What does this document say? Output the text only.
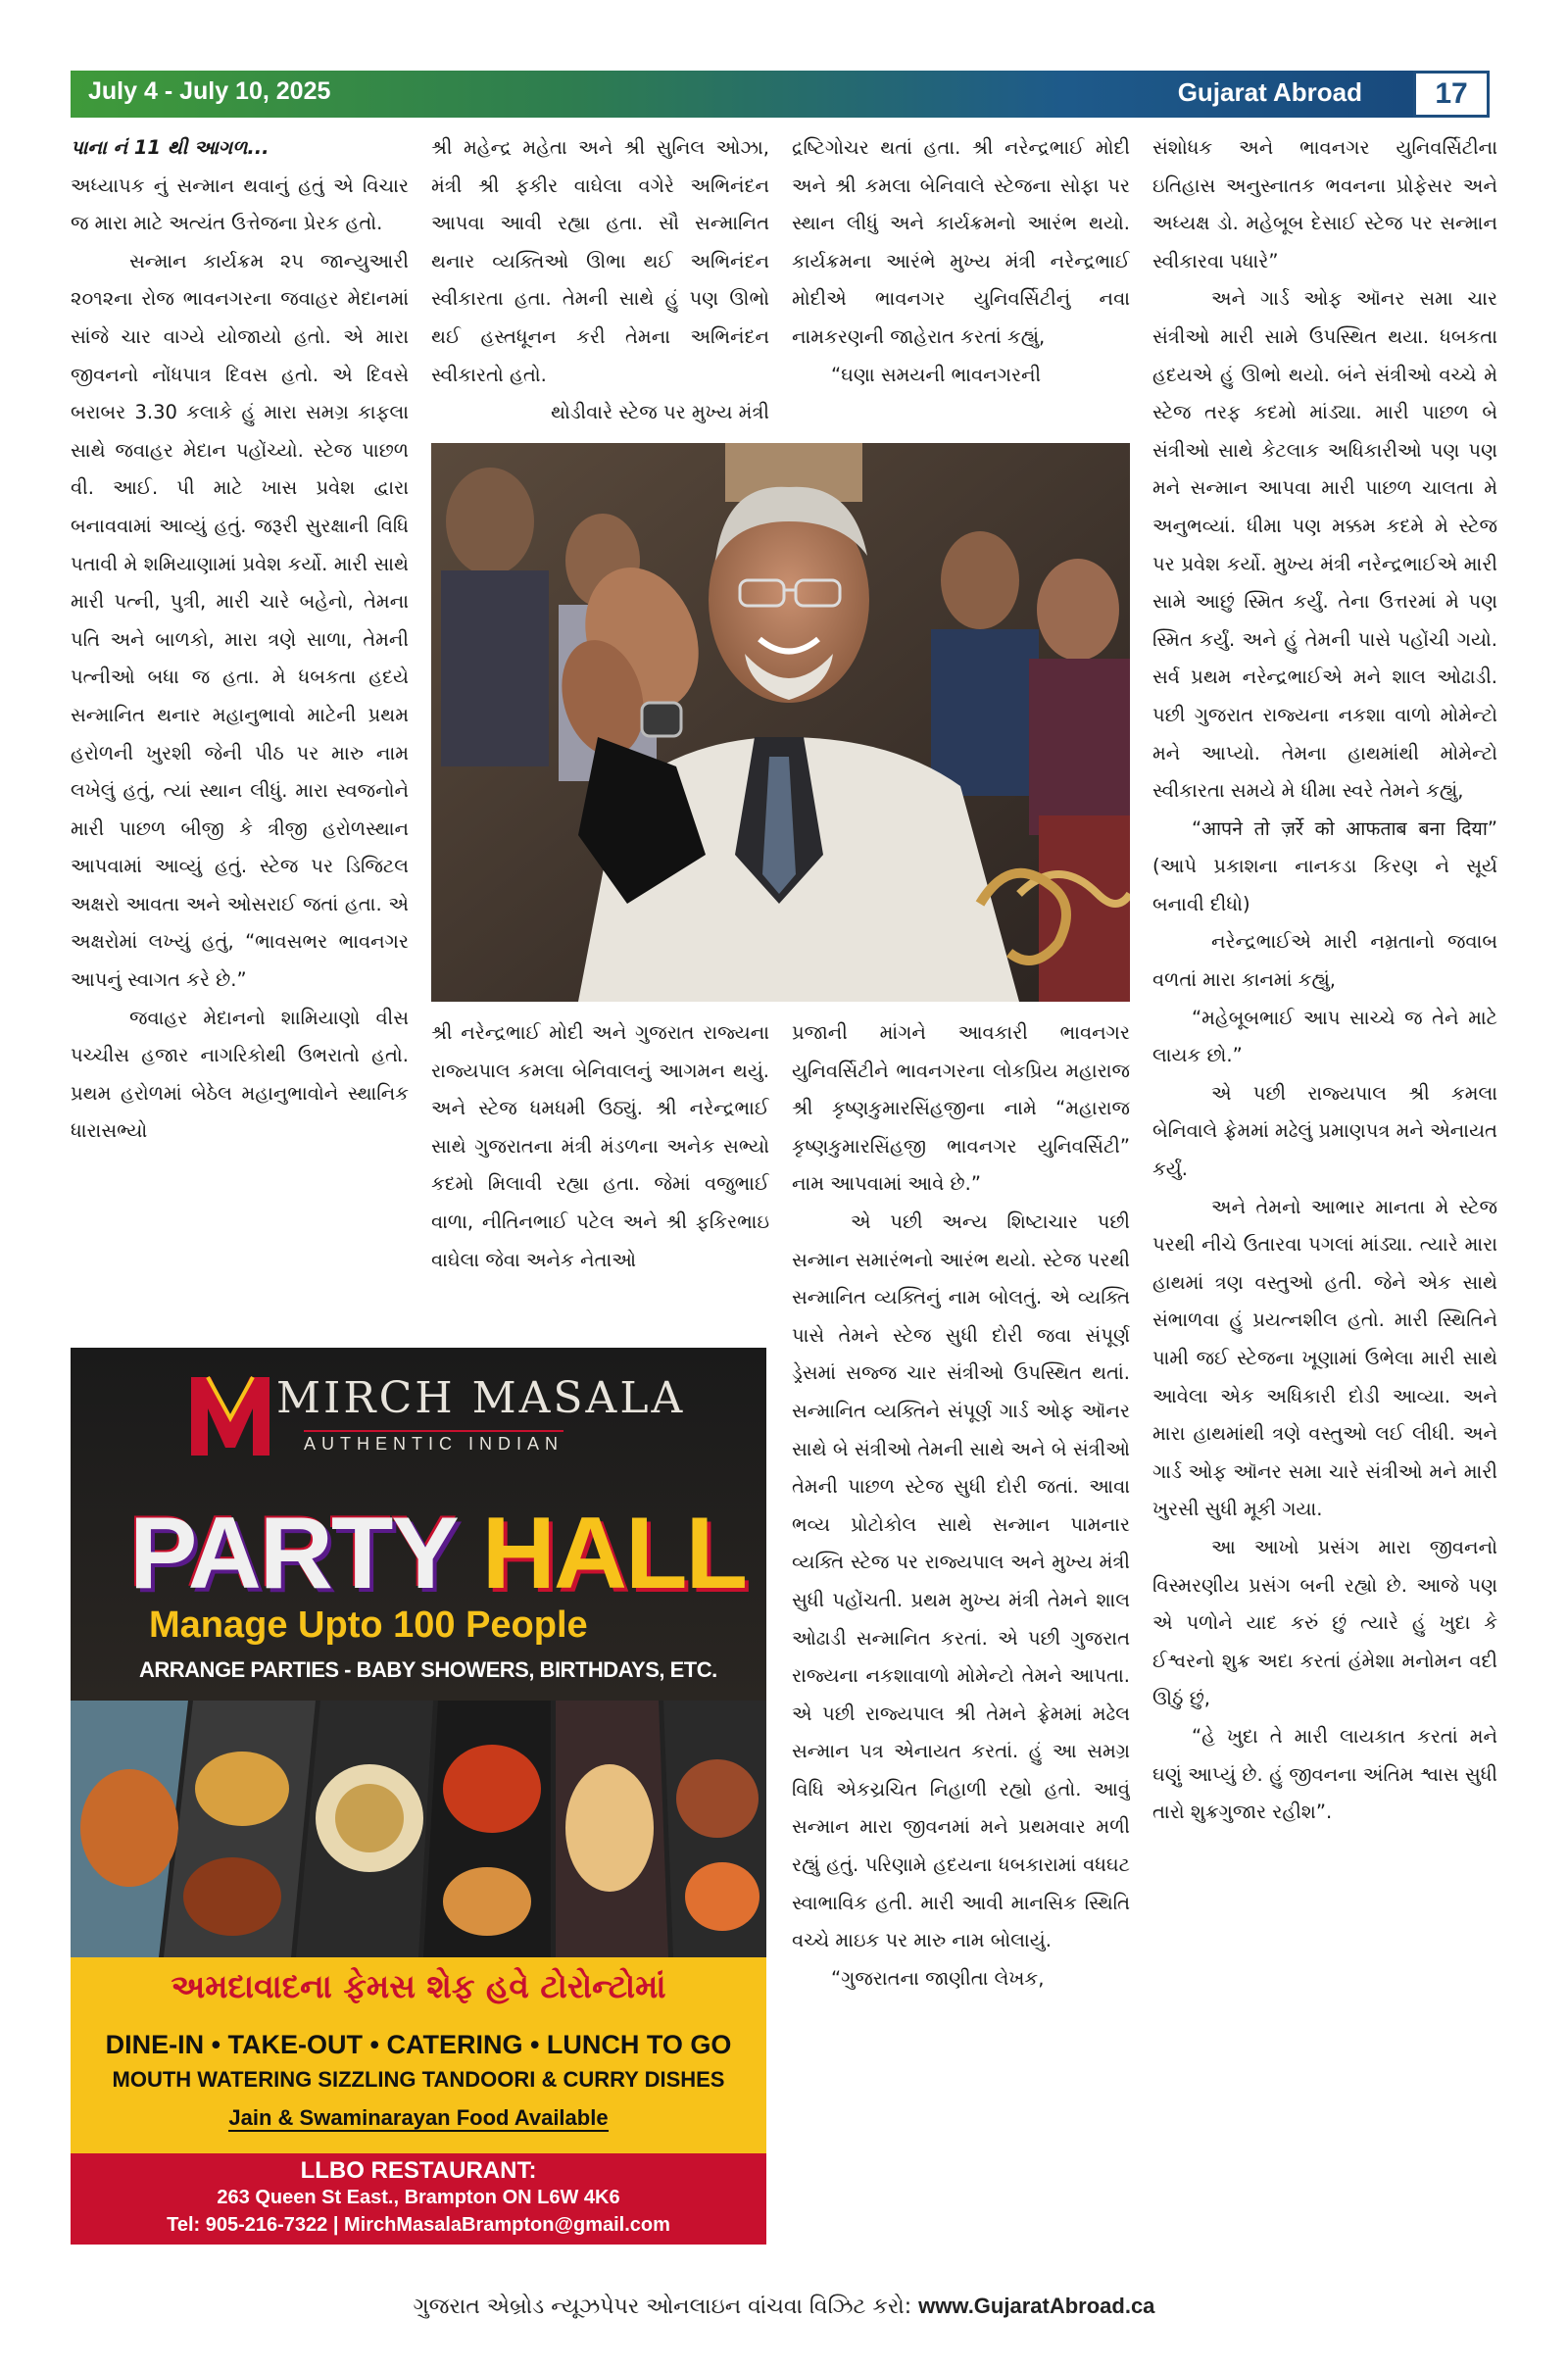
July 4 - July 10, 2025	Gujarat Abroad	17

પાના નં 11 થી આગળ...

અધ્યાપક નું સન્માન થવાનું હતું એ વિચાર જ મારા માટે અત્યંત ઉત્તેજના પ્રેરક હતો.

સન્માન કાર્યક્રમ ૨૫ જાન્યુઆરી ૨૦૧૨ના રોજ ભાવનગરના જવાહર મેદાનમાં સાંજે ચાર વાગ્યે યોજાયો હતો. એ મારા જીવનનો નોંધપાત્ર દિવસ હતો. એ દિવસે બરાબર 3.30 કલાકે હું મારા સમગ્ર કાફલા સાથે જવાહર મેદાન પહોંચ્યો. સ્ટેજ પાછળ વી. આઈ. પી માટે ખાસ પ્રવેશ દ્વારા બનાવવામાં આવ્યું હતું. જરૂરી સુરક્ષાની વિધિ પતાવી મે શમિયાણામાં પ્રવેશ કર્યો. મારી સાથે મારી પત્ની, પુત્રી, મારી ચારે બહેનો, તેમના પતિ અને બાળકો, મારા ત્રણે સાળા, તેમની પત્નીઓ બધા જ હતા. મે ધબકતા હદયે સન્માનિત થનાર મહાનુભાવો માટેની પ્રથમ હરોળની ખુરશી જેની પીઠ પર મારુ નામ લખેલું હતું, ત્યાં સ્થાન લીધું. મારા સ્વજનોને મારી પાછળ બીજી કે ત્રીજી હરોળસ્થાન આપવામાં આવ્યું હતું. સ્ટેજ પર ડિજિટલ અક્ષરો આવતા અને ઓસરાઈ જતાં હતા. એ અક્ષરોમાં લખ્યું હતું, “ભાવસભર ભાવનગર આપનું સ્વાગત કરે છે.”

જવાહર મેદાનનો શામિયાણો વીસ પચ્ચીસ હજાર નાગરિકોથી ઉભરાતો હતો. પ્રથમ હરોળમાં બેઠેલ મહાનુભાવોને સ્થાનિક ધારાસભ્યો

શ્રી મહેન્દ્ર મહેતા અને શ્રી સુનિલ ઓઝા, મંત્રી શ્રી ફકીર વાઘેલા વગેરે અભિનંદન આપવા આવી રહ્યા હતા. સૌ સન્માનિત થનાર વ્યક્તિઓ ઊભા થઈ અભિનંદન સ્વીકારતા હતા. તેમની સાથે હું પણ ઊભો થઈ હસ્તધૂનન કરી તેમના અભિનંદન સ્વીકારતો હતો.

થોડીવારે સ્ટેજ પર મુખ્ય મંત્રી

શ્રી નરેન્દ્રભાઈ મોદી અને ગુજરાત રાજ્યના રાજ્યપાલ કમલા બેનિવાલનું આગમન થયું. અને સ્ટેજ ધમધમી ઉઠ્યું. શ્રી નરેન્દ્રભાઈ સાથે ગુજરાતના મંત્રી મંડળના અનેક સભ્યો કદમો મિલાવી રહ્યા હતા. જેમાં વજુભાઈ વાળા, નીતિનભાઈ પટેલ અને શ્રી ફકિરભાઇ વાઘેલા જેવા અનેક નેતાઓ

દ્રષ્ટિગોચર થતાં હતા. શ્રી નરેન્દ્રભાઈ મોદી અને શ્રી કમલા બેનિવાલે સ્ટેજના સોફા પર સ્થાન લીધું અને કાર્યક્રમનો આરંભ થયો. કાર્યક્રમના આરંભે મુખ્ય મંત્રી નરેન્દ્રભાઈ મોદીએ ભાવનગર યુનિવર્સિટીનું નવા નામકરણની જાહેરાત કરતાં કહ્યું,

“ઘણા સમયની ભાવનગરની

પ્રજાની માંગને આવકારી ભાવનગર યુનિવર્સિટીને ભાવનગરના લોકપ્રિય મહારાજ શ્રી કૃષ્ણકુમારસિંહજીના નામે “મહારાજ કૃષ્ણકુમારસિંહજી ભાવનગર યુનિવર્સિટી” નામ આપવામાં આવે છે.”

એ પછી અન્ય શિષ્ટાચાર પછી સન્માન સમારંભનો આરંભ થયો. સ્ટેજ પરથી સન્માનિત વ્યક્તિનું નામ બોલતું. એ વ્યક્તિ પાસે તેમને સ્ટેજ સુધી દોરી જવા સંપૂર્ણ ડ્રેસમાં સજ્જ ચાર સંત્રીઓ ઉપસ્થિત થતાં. સન્માનિત વ્યક્તિને સંપૂર્ણ ગાર્ડ ઓફ ઑનર સાથે બે સંત્રીઓ તેમની સાથે અને બે સંત્રીઓ તેમની પાછળ સ્ટેજ સુધી દોરી જતાં. આવા ભવ્ય પ્રોટોકોલ સાથે સન્માન પામનાર વ્યક્તિ સ્ટેજ પર રાજ્યપાલ અને મુખ્ય મંત્રી સુધી પહોંચતી. પ્રથમ મુખ્ય મંત્રી તેમને શાલ ઓઢાડી સન્માનિત કરતાં. એ પછી ગુજરાત રાજ્યના નકશાવાળો મોમેન્ટો તેમને આપતા. એ પછી રાજ્યપાલ શ્રી તેમને ફ્રેમમાં મઢેલ સન્માન પત્ર એનાયત કરતાં. હું આ સમગ્ર વિધિ એકચ્રચિત નિહાળી રહ્યો હતો. આવું સન્માન મારા જીવનમાં મને પ્રથમવાર મળી રહ્યું હતું. પરિણામે હદયના ધબકારામાં વધઘટ સ્વાભાવિક હતી. મારી આવી માનસિક સ્થિતિ વચ્ચે માઇક પર મારુ નામ બોલાયું.

“ગુજરાતના જાણીતા લેખક,

સંશોધક અને ભાવનગર યુનિવર્સિટીના ઇતિહાસ અનુસ્નાતક ભવનના પ્રોફેસર અને અધ્યક્ષ ડો. મહેબૂબ દેસાઈ સ્ટેજ પર સન્માન સ્વીકારવા પધારે”

અને ગાર્ડ ઓફ ઑનર સમા ચાર સંત્રીઓ મારી સામે ઉપસ્થિત થયા. ધબકતા હદયએ હું ઊભો થયો. બંને સંત્રીઓ વચ્ચે મે સ્ટેજ તરફ કદમો માંડ્યા. મારી પાછળ બે સંત્રીઓ સાથે કેટલાક અધિકારીઓ પણ પણ મને સન્માન આપવા મારી પાછળ ચાલતા મે અનુભવ્યાં. ધીમા પણ મક્કમ કદમે મે સ્ટેજ પર પ્રવેશ કર્યો. મુખ્ય મંત્રી નરેન્દ્રભાઈએ મારી સામે આછું સ્મિત કર્યું. તેના ઉત્તરમાં મે પણ સ્મિત કર્યું. અને હું તેમની પાસે પહોંચી ગયો. સર્વ પ્રથમ નરેન્દ્રભાઈએ મને શાલ ઓઢાડી. પછી ગુજરાત રાજ્યના નકશા વાળો મોમેન્ટો મને આપ્યો. તેમના હાથમાંથી મોમેન્ટો સ્વીકારતા સમયે મે ધીમા સ્વરે તેમને કહ્યું,

“आपने तो ज़र्रे को आफताब बना दिया” (આપે પ્રકાશના નાનકડા કિરણ ને સૂર્ય બનાવી દીધો)

નરેન્દ્રભાઈએ મારી નમ્રતાનો જવાબ વળતાં મારા કાનમાં કહ્યું,

“મહેબૂબભાઈ આપ સાચ્ચે જ તેને માટે લાયક છો.”

એ પછી રાજ્યપાલ શ્રી કમલા બેનિવાલે ફ્રેમમાં મઢેલું પ્રમાણપત્ર મને એનાયત કર્યું.

અને તેમનો આભાર માનતા મે સ્ટેજ પરથી નીચે ઉતારવા પગલાં માંડ્યા. ત્યારે મારા હાથમાં ત્રણ વસ્તુઓ હતી. જેને એક સાથે સંભાળવા હું પ્રયત્નશીલ હતો. મારી સ્થિતિને પામી જઈ સ્ટેજના ખૂણામાં ઉભેલા મારી સાથે આવેલા એક અધિકારી દોડી આવ્યા. અને મારા હાથમાંથી ત્રણે વસ્તુઓ લઈ લીધી. અને ગાર્ડ ઓફ ઑનર સમા ચારે સંત્રીઓ મને મારી ખુરસી સુધી મૂકી ગયા.

આ આખો પ્રસંગ મારા જીવનનો વિસ્મરણીય પ્રસંગ બની રહ્યો છે. આજે પણ એ પળોને યાદ કરું છું ત્યારે હું ખુદા કે ઈશ્વરનો શુક્ર અદા કરતાં હંમેશા મનોમન વદી ઊઠું છું,

“હે ખુદા તે મારી લાયકાત કરતાં મને ઘણું આપ્યું છે. હું જીવનના અંતિમ શ્વાસ સુધી તારો શુક્રગુજાર રહીશ”.

MIRCH MASALA
AUTHENTIC INDIAN
PARTY HALL
Manage Upto 100 People
ARRANGE PARTIES - BABY SHOWERS, BIRTHDAYS, ETC.
અમદાવાદના ફેમસ શેફ હવે ટોરોન્ટોમાં
DINE-IN • TAKE-OUT • CATERING • LUNCH TO GO
MOUTH WATERING SIZZLING TANDOORI & CURRY DISHES
Jain & Swaminarayan Food Available
LLBO RESTAURANT:
263 Queen St East., Brampton ON L6W 4K6
Tel: 905-216-7322 | MirchMasalaBrampton@gmail.com
ગુજરાત એબ્રોડ ન્યૂઝપેપર ઓનલાઇન વાંચવા વિઝિટ કરો: www.GujaratAbroad.ca
